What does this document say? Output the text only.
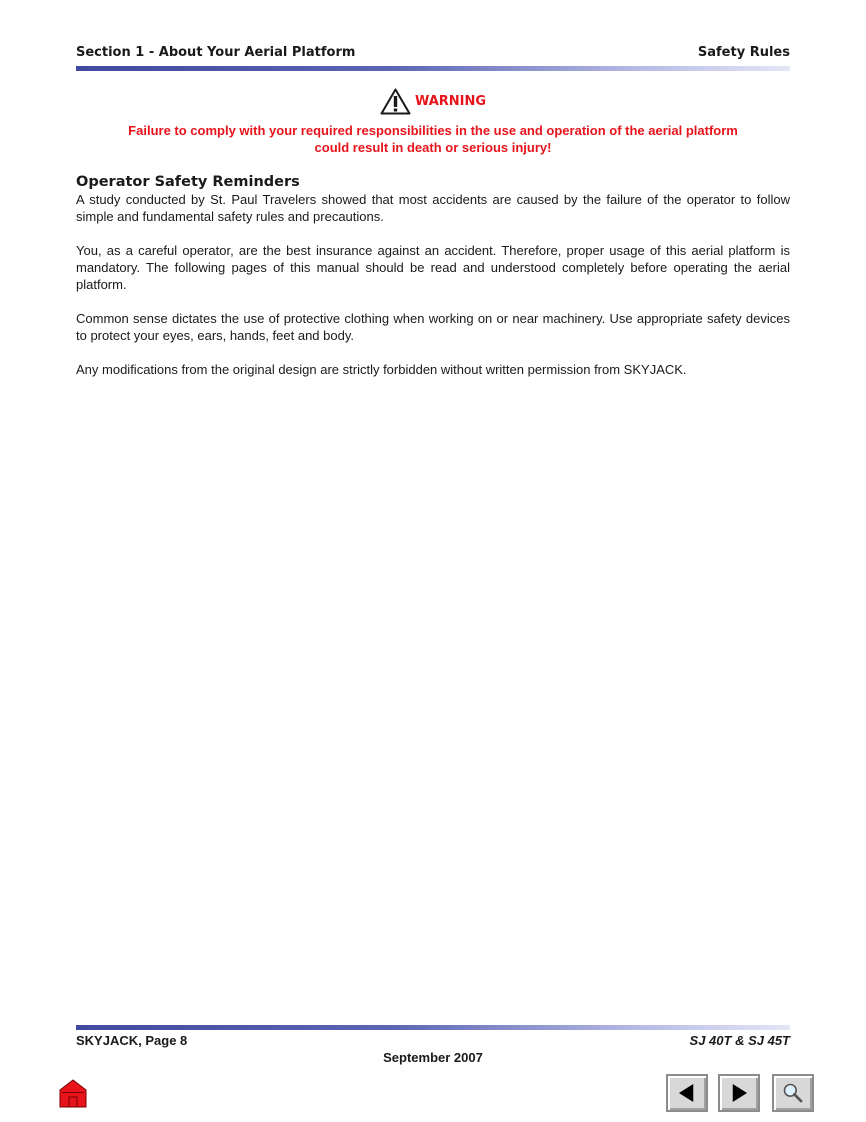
Section 1 - About Your Aerial Platform	Safety Rules
WARNING
Failure to comply with your required responsibilities in the use and operation of the aerial platform
could result in death or serious injury!
Operator Safety Reminders

A study conducted by St. Paul Travelers showed that most accidents are caused by the failure of the operator to follow simple and fundamental safety rules and precautions.

You, as a careful operator, are the best insurance against an accident. Therefore, proper usage of this aerial platform is mandatory. The following pages of this manual should be read and understood completely before operating the aerial platform.

Common sense dictates the use of protective clothing when working on or near machinery. Use appropriate safety devices to protect your eyes, ears, hands, feet and body.

Any modifications from the original design are strictly forbidden without written permission from SKYJACK.

SKYJACK, Page 8	SJ 40T & SJ 45T
September 2007
